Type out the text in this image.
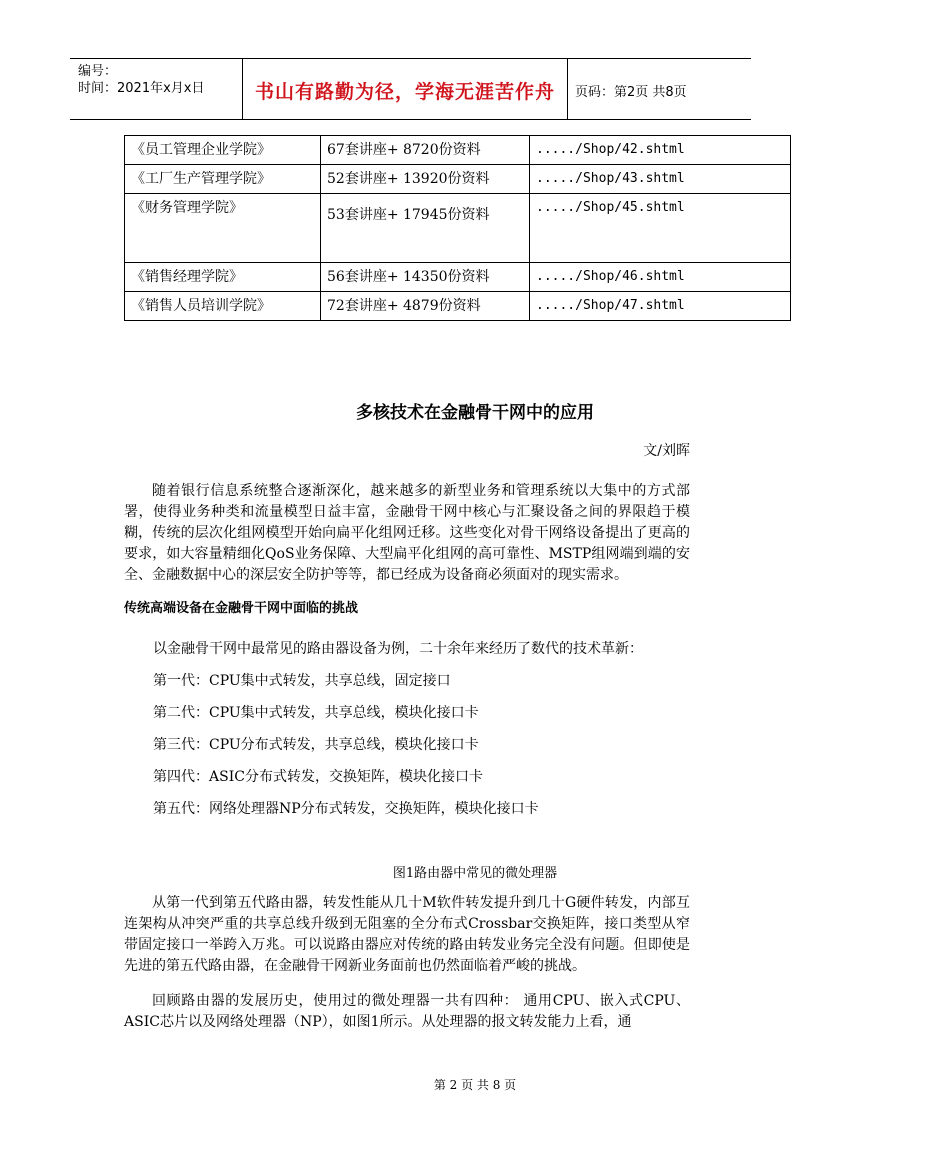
编号：
时间：2021年x月x日	书山有路勤为径，学海无涯苦作舟	页码：第2页 共8页
《员工管理企业学院》	67套讲座+ 8720份资料	...../Shop/42.shtml
《工厂生产管理学院》	52套讲座+ 13920份资料	...../Shop/43.shtml
《财务管理学院》	53套讲座+ 17945份资料	...../Shop/45.shtml
《销售经理学院》	56套讲座+ 14350份资料	...../Shop/46.shtml
《销售人员培训学院》	72套讲座+ 4879份资料	...../Shop/47.shtml
多核技术在金融骨干网中的应用
文/刘晖

随着银行信息系统整合逐渐深化，越来越多的新型业务和管理系统以大集中的方式部署，使得业务种类和流量模型日益丰富，金融骨干网中核心与汇聚设备之间的界限趋于模糊，传统的层次化组网模型开始向扁平化组网迁移。这些变化对骨干网络设备提出了更高的要求，如大容量精细化QoS业务保障、大型扁平化组网的高可靠性、MSTP组网端到端的安全、金融数据中心的深层安全防护等等，都已经成为设备商必须面对的现实需求。

传统高端设备在金融骨干网中面临的挑战
以金融骨干网中最常见的路由器设备为例，二十余年来经历了数代的技术革新：
第一代：CPU集中式转发，共享总线，固定接口
第二代：CPU集中式转发，共享总线，模块化接口卡
第三代：CPU分布式转发，共享总线，模块化接口卡
第四代：ASIC分布式转发，交换矩阵，模块化接口卡
第五代：网络处理器NP分布式转发，交换矩阵，模块化接口卡
图1路由器中常见的微处理器

从第一代到第五代路由器，转发性能从几十M软件转发提升到几十G硬件转发，内部互连架构从冲突严重的共享总线升级到无阻塞的全分布式Crossbar交换矩阵，接口类型从窄带固定接口一举跨入万兆。可以说路由器应对传统的路由转发业务完全没有问题。但即使是先进的第五代路由器，在金融骨干网新业务面前也仍然面临着严峻的挑战。

回顾路由器的发展历史，使用过的微处理器一共有四种： 通用CPU、嵌入式CPU、ASIC芯片以及网络处理器（NP），如图1所示。从处理器的报文转发能力上看，通

第 2 页 共 8 页
